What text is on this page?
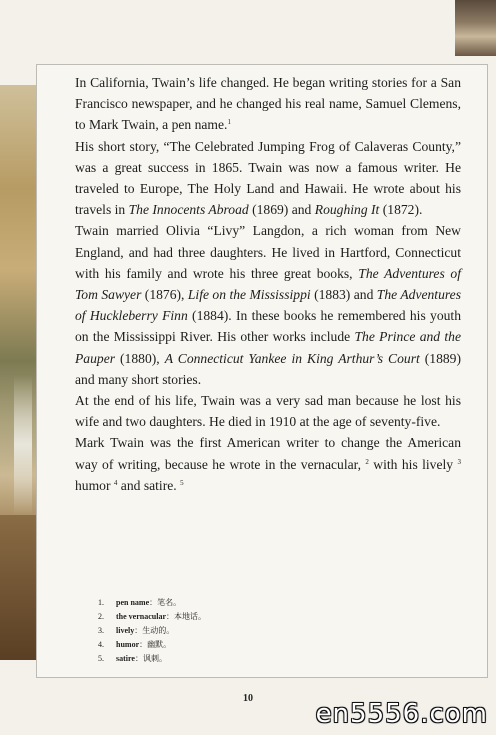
In California, Twain’s life changed. He began writing stories for a San Francisco newspaper, and he changed his real name, Samuel Clemens, to Mark Twain, a pen name.$^1$

His short story, “The Celebrated Jumping Frog of Calaveras County,” was a great success in 1865. Twain was now a famous writer. He traveled to Europe, The Holy Land and Hawaii. He wrote about his travels in The Innocents Abroad (1869) and Roughing It (1872).

Twain married Olivia “Livy” Langdon, a rich woman from New England, and had three daughters. He lived in Hartford, Connecticut with his family and wrote his three great books, The Adventures of Tom Sawyer (1876), Life on the Mississippi (1883) and The Adventures of Huckleberry Finn (1884). In these books he remembered his youth on the Mississippi River. His other works include The Prince and the Pauper (1880), A Connecticut Yankee in King Arthur’s Court (1889) and many short stories.

At the end of his life, Twain was a very sad man because he lost his wife and two daughters. He died in 1910 at the age of seventy-five.

Mark Twain was the first American writer to change the American way of writing, because he wrote in the vernacular, $^2$ with his lively $^3$ humor $^4$ and satire. $^5$

1.	pen name ：笔名。
2.	the vernacular ：本地话。
3.	lively ：生动的。
4.	humor ：幽默。
5.	satire ：讽刺。
10
en5556.com
